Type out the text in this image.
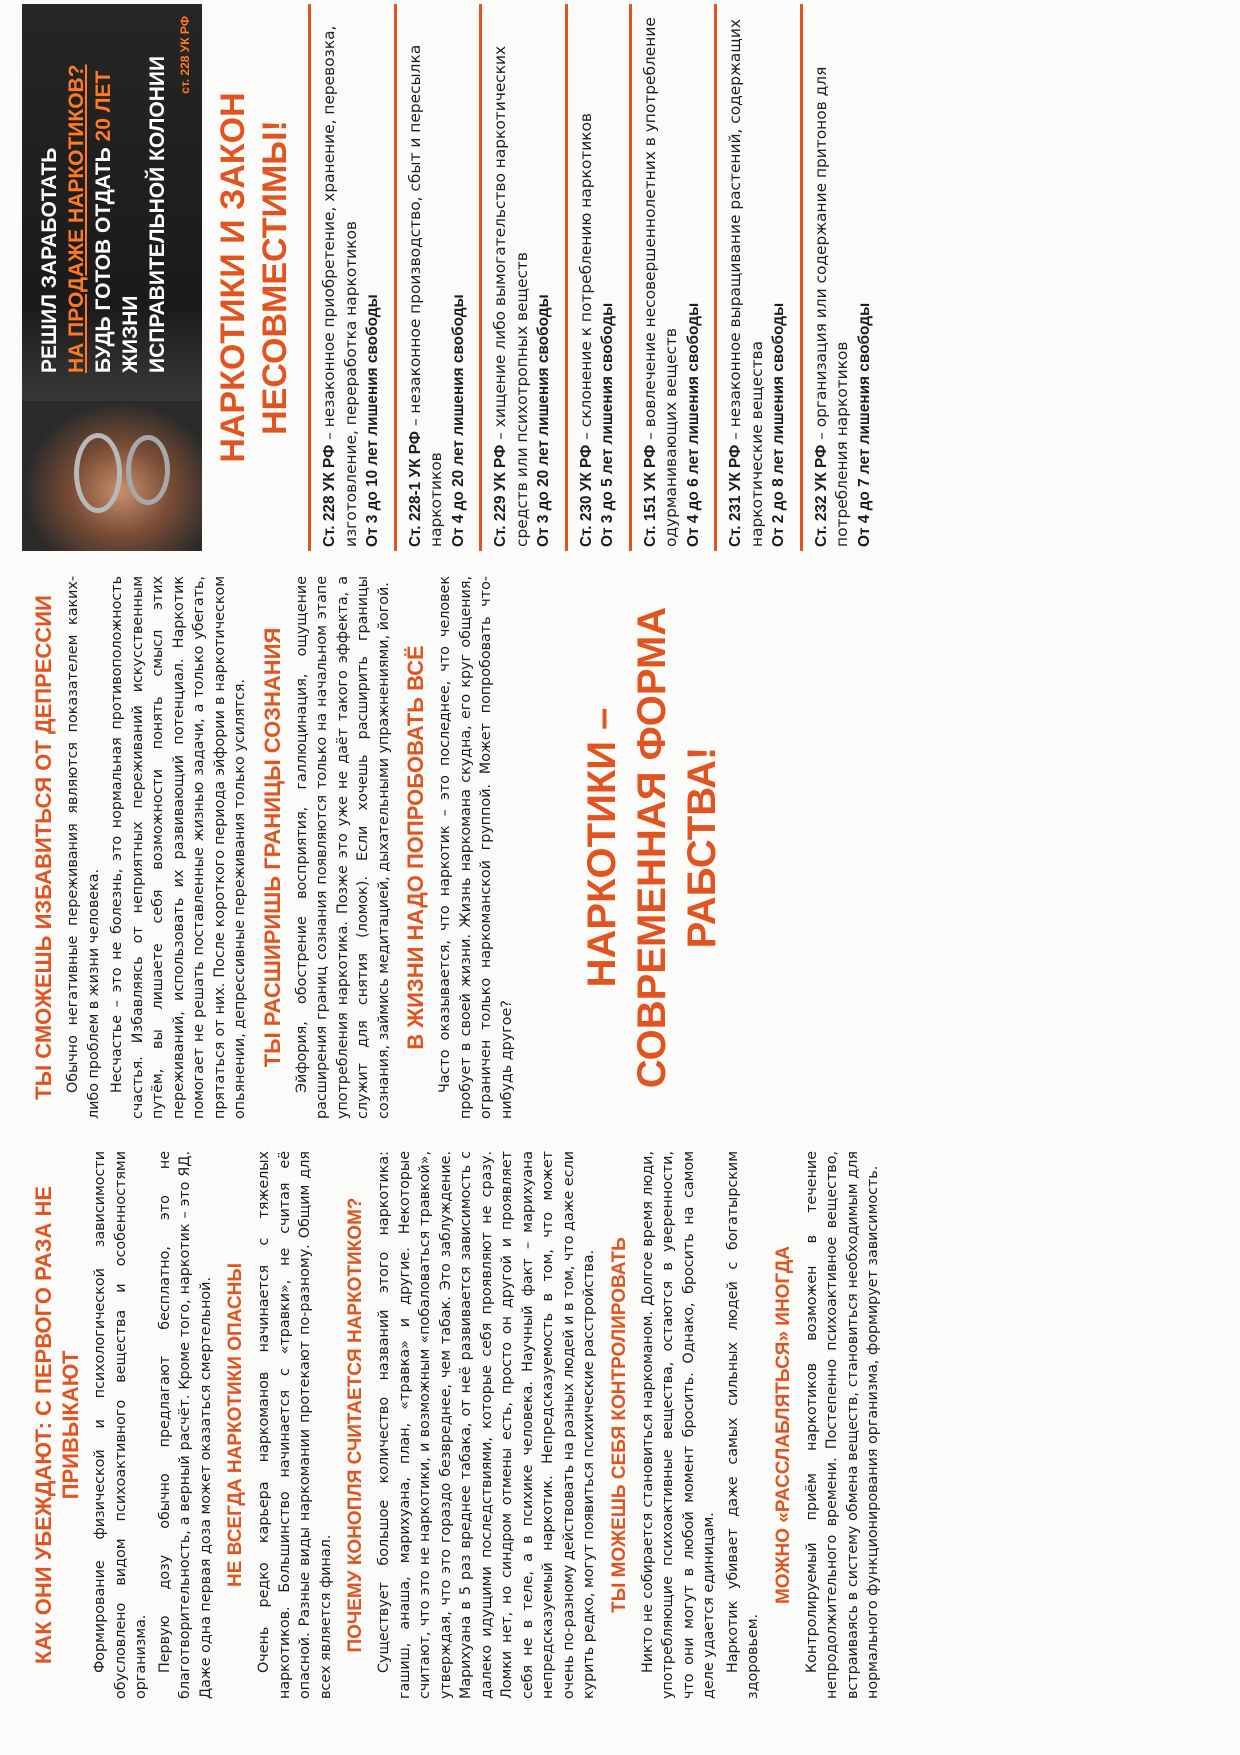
КАК ОНИ УБЕЖДАЮТ: С ПЕРВОГО РАЗА НЕ ПРИВЫКАЮТ Формирование физической и психологической зависимости обусловлено видом психоактивного вещества и особенностями организма. Первую дозу обычно предлагают бесплатно, это не благотворительность, а верный расчёт. Кроме того, наркотик – это ЯД. Даже одна первая доза может оказаться смертельной. НЕ ВСЕГДА НАРКОТИКИ ОПАСНЫ Очень редко карьера наркоманов начинается с тяжелых наркотиков. Большинство начинается с «травки», не считая её опасной. Разные виды наркомании протекают по-разному. Общим для всех является финал. ПОЧЕМУ КОНОПЛЯ СЧИТАЕТСЯ НАРКОТИКОМ? Существует большое количество названий этого наркотика: гашиш, анаша, марихуана, план, «травка» и другие. Некоторые считают, что это не наркотики, и возможным «побаловаться травкой», утверждая, что это гораздо безвреднее, чем табак. Это заблуждение. Марихуана в 5 раз вреднее табака, от неё развивается зависимость с далеко идущими последствиями, которые себя проявляют не сразу. Ломки нет, но синдром отмены есть, просто он другой и проявляет себя не в теле, а в психике человека. Научный факт – марихуана непредсказуемый наркотик. Непредсказуемость в том, что может очень по-разному действовать на разных людей и в том, что даже если курить редко, могут появиться психические расстройства. ТЫ МОЖЕШЬ СЕБЯ КОНТРОЛИРОВАТЬ Никто не собирается становиться наркоманом. Долгое время люди, употребляющие психоактивные вещества, остаются в уверенности, что они могут в любой момент бросить. Однако, бросить на самом деле удается единицам. Наркотик убивает даже самых сильных людей с богатырским здоровьем.

МОЖНО «РАССЛАБЛЯТЬСЯ» ИНОГДА Контролируемый приём наркотиков возможен в течение непродолжительного времени. Постепенно психоактивное вещество, встраиваясь в систему обмена веществ, становиться необходимым для нормального функционирования организма, формирует зависимость.

ТЫ СМОЖЕШЬ ИЗБАВИТЬСЯ ОТ ДЕПРЕССИИ Обычно негативные переживания являются показателем каких-либо проблем в жизни человека. Несчастье – это не болезнь, это нормальная противоположность счастья. Избавляясь от неприятных переживаний искусственным путём, вы лишаете себя возможности понять смысл этих переживаний, использовать их развивающий потенциал. Наркотик помогает не решать поставленные жизнью задачи, а только убегать, прятаться от них. После короткого периода эйфории в наркотическом опьянении, депрессивные переживания только усилятся. ТЫ РАСШИРИШЬ ГРАНИЦЫ СОЗНАНИЯ Эйфория, обострение восприятия, галлюцинация, ощущение расширения границ сознания появляются только на начальном этапе употребления наркотика. Позже это уже не даёт такого эффекта, а служит для снятия (ломок). Если хочешь расширить границы сознания, займись медитацией, дыхательными упражнениями, йогой. В ЖИЗНИ НАДО ПОПРОБОВАТЬ ВСЁ Часто оказывается, что наркотик – это последнее, что человек пробует в своей жизни. Жизнь наркомана скудна, его круг общения, ограничен только наркоманской группой. Может попробовать что-нибудь другое?

НАРКОТИКИ – СОВРЕМЕННАЯ ФОРМА РАБСТВА!
РЕШИЛ ЗАРАБОТАТЬ НА ПРОДАЖЕ НАРКОТИКОВ? БУДЬ ГОТОВ ОТДАТЬ 20 ЛЕТ ЖИЗНИ ИСПРАВИТЕЛЬНОЙ КОЛОНИИ
ст. 228 УК РФ
НАРКОТИКИ И ЗАКОН НЕСОВМЕСТИМЫ!
Ст. 228 УК РФ – незаконное приобретение, хранение, перевозка, изготовление, переработка наркотиков От 3 до 10 лет лишения свободы	Ст. 228-1 УК РФ – незаконное производство, сбыт и пересылка наркотиков От 4 до 20 лет лишения свободы	Ст. 229 УК РФ – хищение либо вымогательство наркотических средств или психотропных веществ От 3 до 20 лет лишения свободы	Ст. 230 УК РФ – склонение к потреблению наркотиков От 3 до 5 лет лишения свободы	Ст. 151 УК РФ – вовлечение несовершеннолетних в употребление одурманивающих веществ От 4 до 6 лет лишения свободы	Ст. 231 УК РФ – незаконное выращивание растений, содержащих наркотические вещества От 2 до 8 лет лишения свободы	Ст. 232 УК РФ – организация или содержание притонов для потребления наркотиков От 4 до 7 лет лишения свободы
